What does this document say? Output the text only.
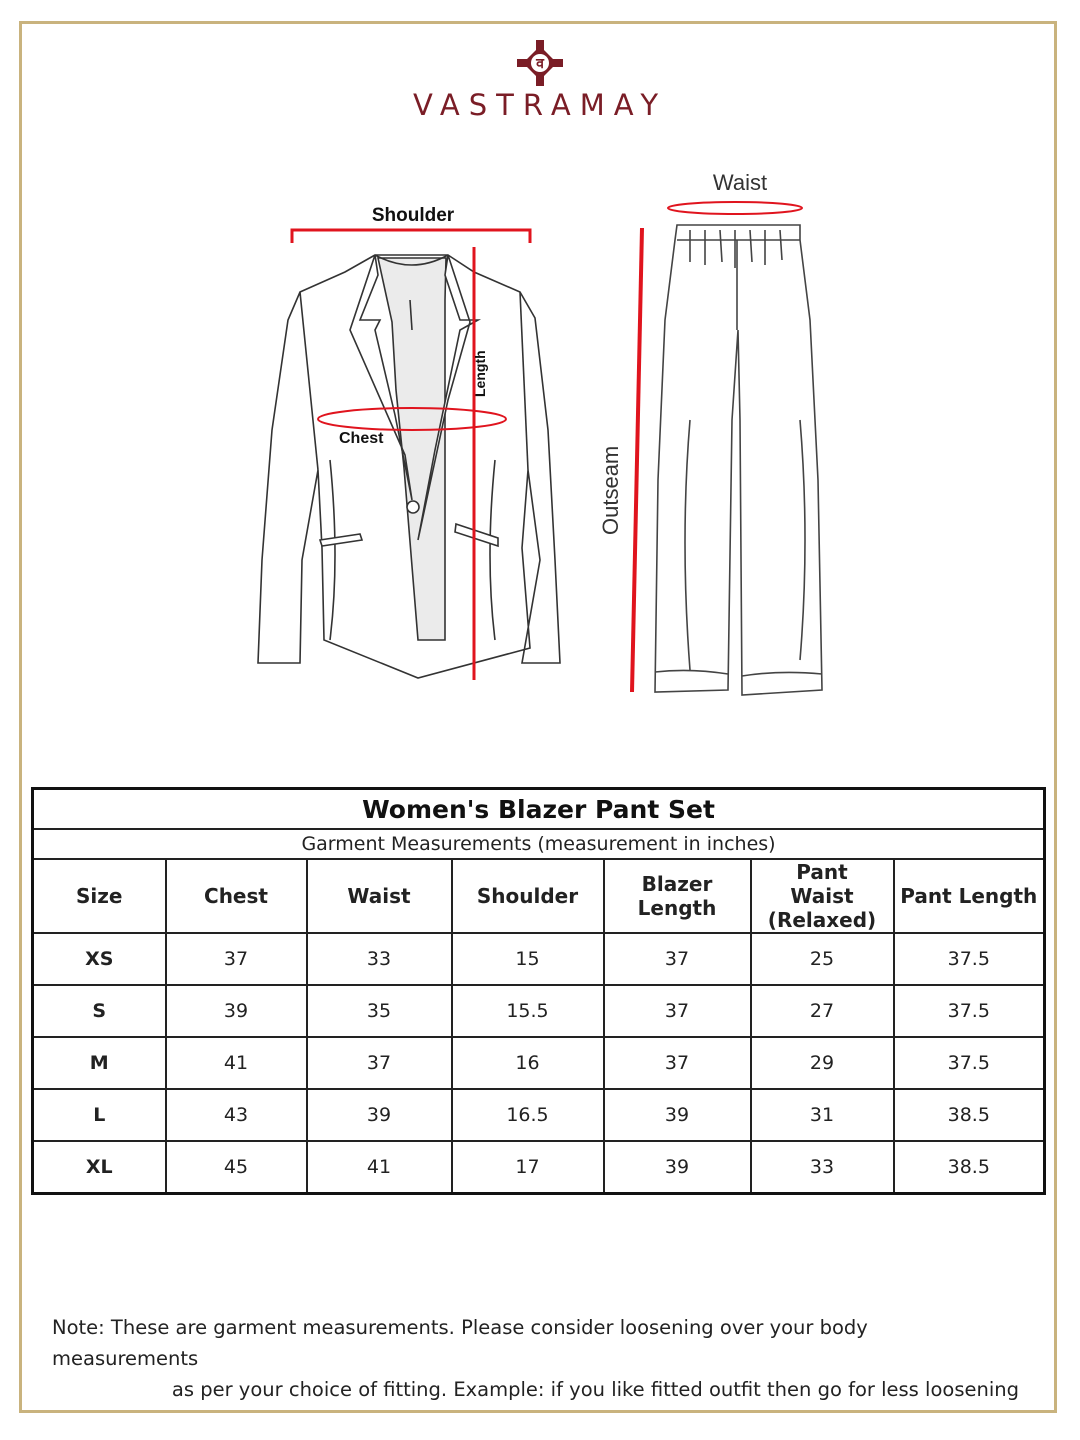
व
VASTRAMAY
Shoulder
Chest
Length
Waist
Outseam
Women's Blazer Pant Set						
Garment Measurements (measurement in inches)						
Size	Chest	Waist	Shoulder	Blazer Length	Pant Waist (Relaxed)	Pant Length
XS	37	33	15	37	25	37.5
S	39	35	15.5	37	27	37.5
M	41	37	16	37	29	37.5
L	43	39	16.5	39	31	38.5
XL	45	41	17	39	33	38.5
Note: These are garment measurements. Please consider loosening over your body measurements
as per your choice of fitting. Example: if you like fitted outfit then go for less loosening
